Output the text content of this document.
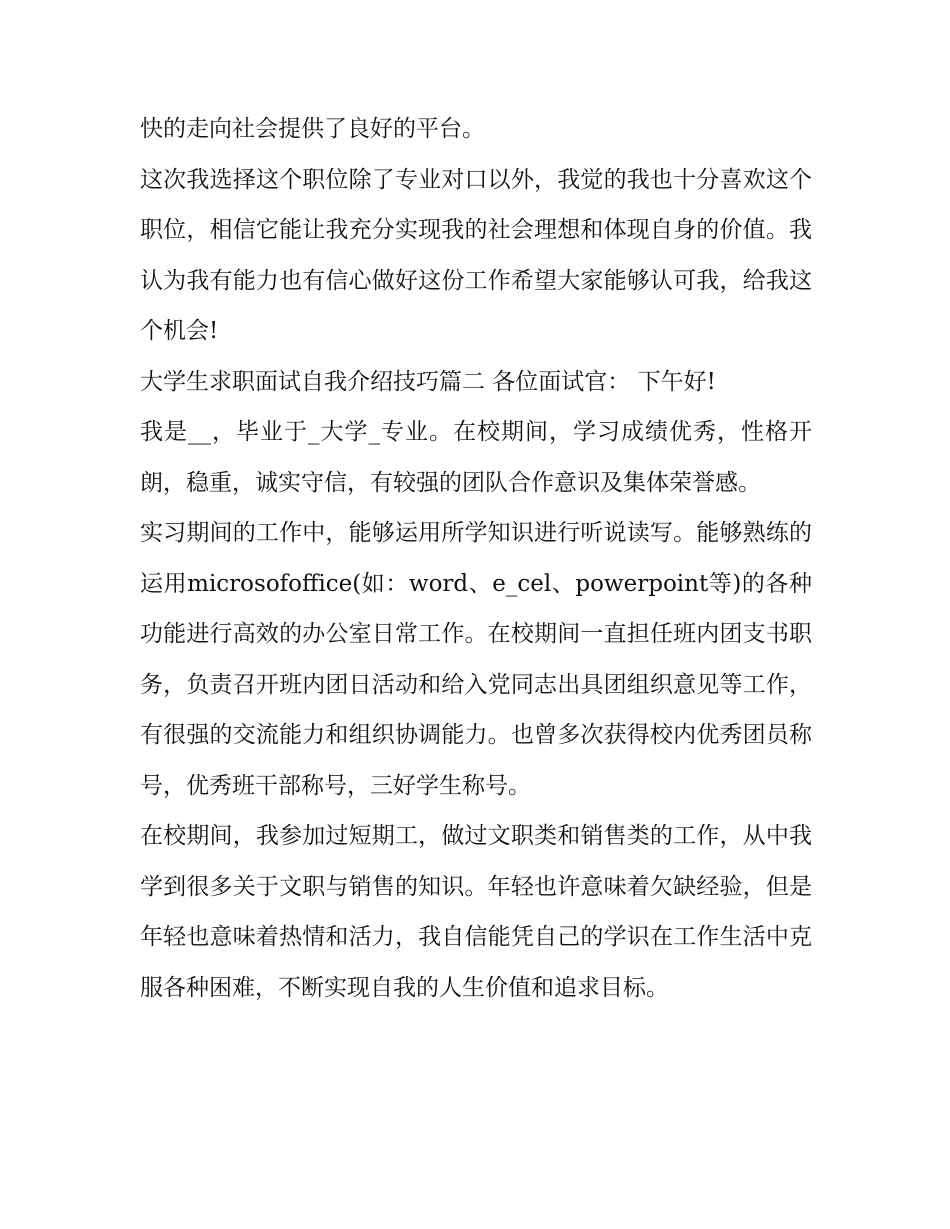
快的走向社会提供了良好的平台。

这次我选择这个职位除了专业对口以外，我觉的我也十分喜欢这个职位，相信它能让我充分实现我的社会理想和体现自身的价值。我认为我有能力也有信心做好这份工作希望大家能够认可我，给我这个机会!

大学生求职面试自我介绍技巧篇二 各位面试官： 下午好!

我是__，毕业于_大学_专业。在校期间，学习成绩优秀，性格开朗，稳重，诚实守信，有较强的团队合作意识及集体荣誉感。

实习期间的工作中，能够运用所学知识进行听说读写。能够熟练的运用microsofoffice(如：word、e_cel、powerpoint等)的各种功能进行高效的办公室日常工作。在校期间一直担任班内团支书职务，负责召开班内团日活动和给入党同志出具团组织意见等工作，有很强的交流能力和组织协调能力。也曾多次获得校内优秀团员称号，优秀班干部称号，三好学生称号。

在校期间，我参加过短期工，做过文职类和销售类的工作，从中我学到很多关于文职与销售的知识。年轻也许意味着欠缺经验，但是年轻也意味着热情和活力，我自信能凭自己的学识在工作生活中克服各种困难，不断实现自我的人生价值和追求目标。
